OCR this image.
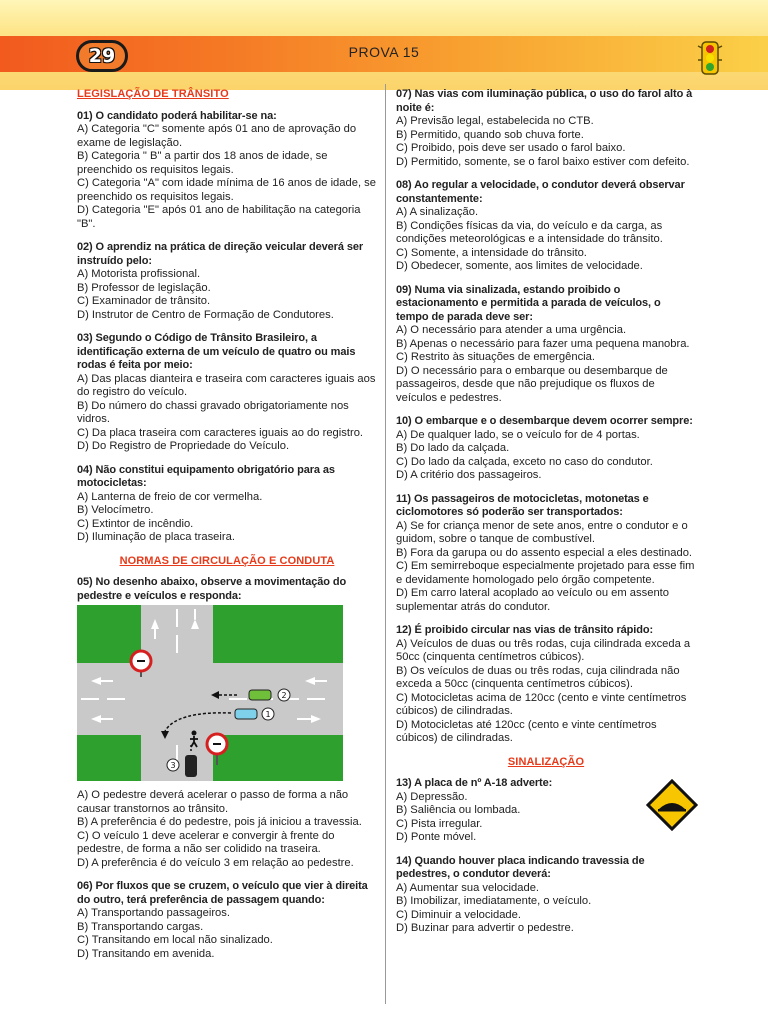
29	PROVA 15
LEGISLAÇÃO DE TRÂNSITO
01) O candidato poderá habilitar-se na:
A) Categoria "C" somente após 01 ano de aprovação do exame de legislação.
B) Categoria " B" a partir dos 18 anos de idade, se preenchido os requisitos legais.
C) Categoria "A" com idade mínima de 16 anos de idade, se preenchido os requisitos legais.
D) Categoria "E" após 01 ano de habilitação na categoria "B".
02) O aprendiz na prática de direção veicular deverá ser instruído pelo:
A) Motorista profissional.
B) Professor de legislação.
C) Examinador de trânsito.
D) Instrutor de Centro de Formação de Condutores.
03) Segundo o Código de Trânsito Brasileiro, a identificação externa de um veículo de quatro ou mais rodas é feita por meio:
A) Das placas dianteira e traseira com caracteres iguais aos do registro do veículo.
B) Do número do chassi gravado obrigatoriamente nos vidros.
C) Da placa traseira com caracteres iguais ao do registro.
D) Do Registro de Propriedade do Veículo.
04) Não constitui equipamento obrigatório para as motocicletas:
A) Lanterna de freio de cor vermelha.
B) Velocímetro.
C) Extintor de incêndio.
D) Iluminação de placa traseira.
NORMAS DE CIRCULAÇÃO E CONDUTA
05) No desenho abaixo, observe a movimentação do pedestre e veículos e responda:
2
1
3
A) O pedestre deverá acelerar o passo de forma a não causar transtornos ao trânsito.
B) A preferência é do pedestre, pois já iniciou a travessia.
C) O veículo 1 deve acelerar e convergir à frente do pedestre, de forma a não ser colidido na traseira.
D) A preferência é do veículo 3 em relação ao pedestre.
06) Por fluxos que se cruzem, o veículo que vier à direita do outro, terá preferência de passagem quando:
A) Transportando passageiros.
B) Transportando cargas.
C) Transitando em local não sinalizado.
D) Transitando em avenida.
07) Nas vias com iluminação pública, o uso do farol alto à noite é:
A) Previsão legal, estabelecida no CTB.
B) Permitido, quando sob chuva forte.
C) Proibido, pois deve ser usado o farol baixo.
D) Permitido, somente, se o farol baixo estiver com defeito.
08) Ao regular a velocidade, o condutor deverá observar constantemente:
A) A sinalização.
B) Condições físicas da via, do veículo e da carga, as condições meteorológicas e a intensidade do trânsito.
C) Somente, a intensidade do trânsito.
D) Obedecer, somente, aos limites de velocidade.
09) Numa via sinalizada, estando proibido o estacionamento e permitida a parada de veículos, o tempo de parada deve ser:
A) O necessário para atender a uma urgência.
B) Apenas o necessário para fazer uma pequena manobra.
C) Restrito às situações de emergência.
D) O necessário para o embarque ou desembarque de passageiros, desde que não prejudique os fluxos de veículos e pedestres.
10) O embarque e o desembarque devem ocorrer sempre:
A) De qualquer lado, se o veículo for de 4 portas.
B) Do lado da calçada.
C) Do lado da calçada, exceto no caso do condutor.
D) A critério dos passageiros.
11) Os passageiros de motocicletas, motonetas e ciclomotores só poderão ser transportados:
A) Se for criança menor de sete anos, entre o condutor e o guidom, sobre o tanque de combustível.
B) Fora da garupa ou do assento especial a eles destinado.
C) Em semirreboque especialmente projetado para esse fim e devidamente homologado pelo órgão competente.
D) Em carro lateral acoplado ao veículo ou em assento suplementar atrás do condutor.
12) É proibido circular nas vias de trânsito rápido:
A) Veículos de duas ou três rodas, cuja cilindrada exceda a 50cc (cinquenta centímetros cúbicos).
B) Os veículos de duas ou três rodas, cuja cilindrada não exceda a 50cc (cinquenta centímetros cúbicos).
C) Motocicletas acima de 120cc (cento e vinte centímetros cúbicos) de cilindradas.
D) Motocicletas até 120cc (cento e vinte centímetros cúbicos) de cilindradas.
SINALIZAÇÃO
13) A placa de nº A-18 adverte:
A) Depressão.
B) Saliência ou lombada.
C) Pista irregular.
D) Ponte móvel.
14) Quando houver placa indicando travessia de pedestres, o condutor deverá:
A) Aumentar sua velocidade.
B) Imobilizar, imediatamente, o veículo.
C) Diminuir a velocidade.
D) Buzinar para advertir o pedestre.
